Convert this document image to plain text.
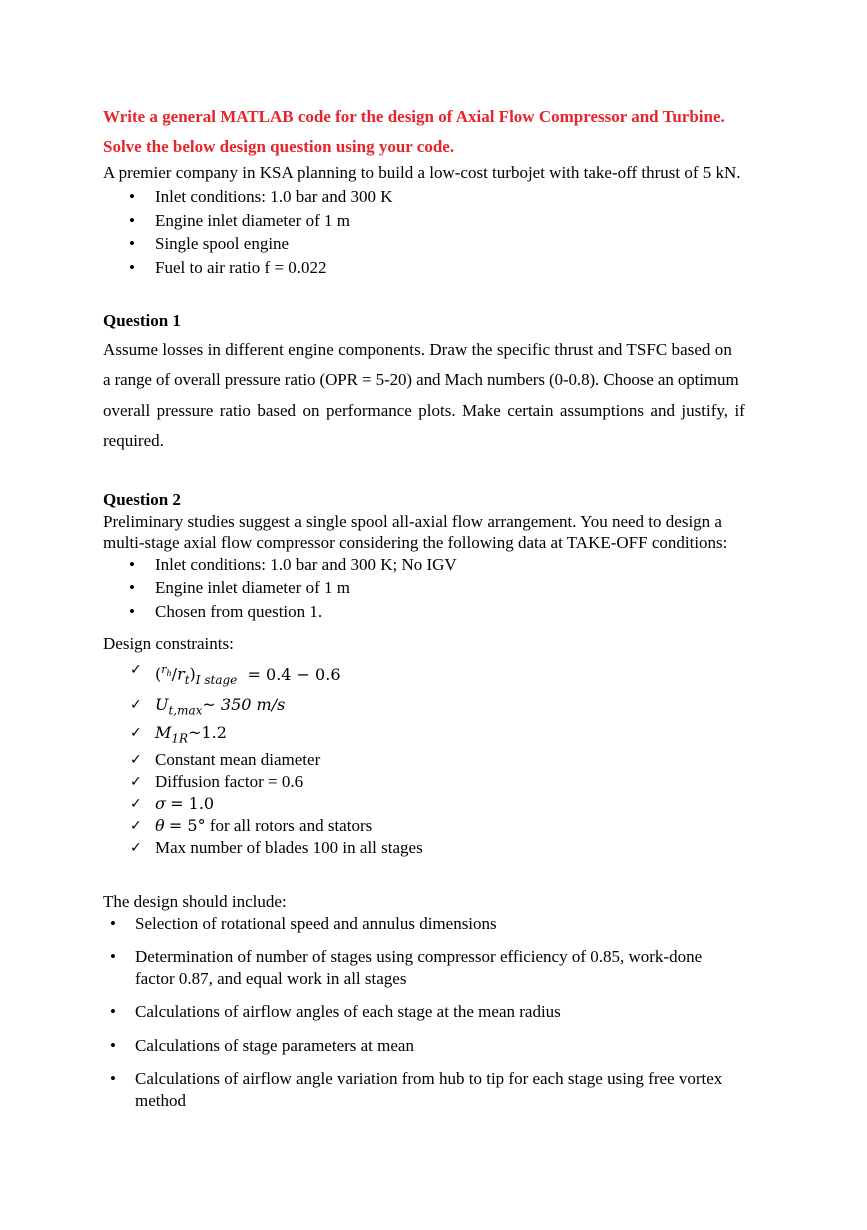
Write a general MATLAB code for the design of Axial Flow Compressor and Turbine.
Solve the below design question using your code.
A premier company in KSA planning to build a low-cost turbojet with take-off thrust of 5 kN.
• Inlet conditions: 1.0 bar and 300 K
• Engine inlet diameter of 1 m
• Single spool engine
• Fuel to air ratio f = 0.022
Question 1
Assume losses in different engine components. Draw the specific thrust and TSFC based on
a range of overall pressure ratio (OPR = 5-20) and Mach numbers (0-0.8). Choose an optimum
overall pressure ratio based on performance plots. Make certain assumptions and justify, if
required.
Question 2
Preliminary studies suggest a single spool all-axial flow arrangement. You need to design a
multi-stage axial flow compressor considering the following data at TAKE-OFF conditions:
• Inlet conditions: 1.0 bar and 300 K; No IGV
• Engine inlet diameter of 1 m
• Chosen from question 1.
Design constraints:
✓ $(^{r_h}/r_t)_{I stage} = 0.4 - 0.6$
✓ $U_{t,max}\sim$ 350 m/s
✓ $M_{1R}\sim 1.2$
✓ Constant mean diameter
✓ Diffusion factor = 0.6
✓ σ = 1.0
✓ θ = 5° for all rotors and stators
✓ Max number of blades 100 in all stages
The design should include:
• Selection of rotational speed and annulus dimensions
• Determination of number of stages using compressor efficiency of 0.85, work-done factor 0.87, and equal work in all stages
• Calculations of airflow angles of each stage at the mean radius
• Calculations of stage parameters at mean
• Calculations of airflow angle variation from hub to tip for each stage using free vortex method
